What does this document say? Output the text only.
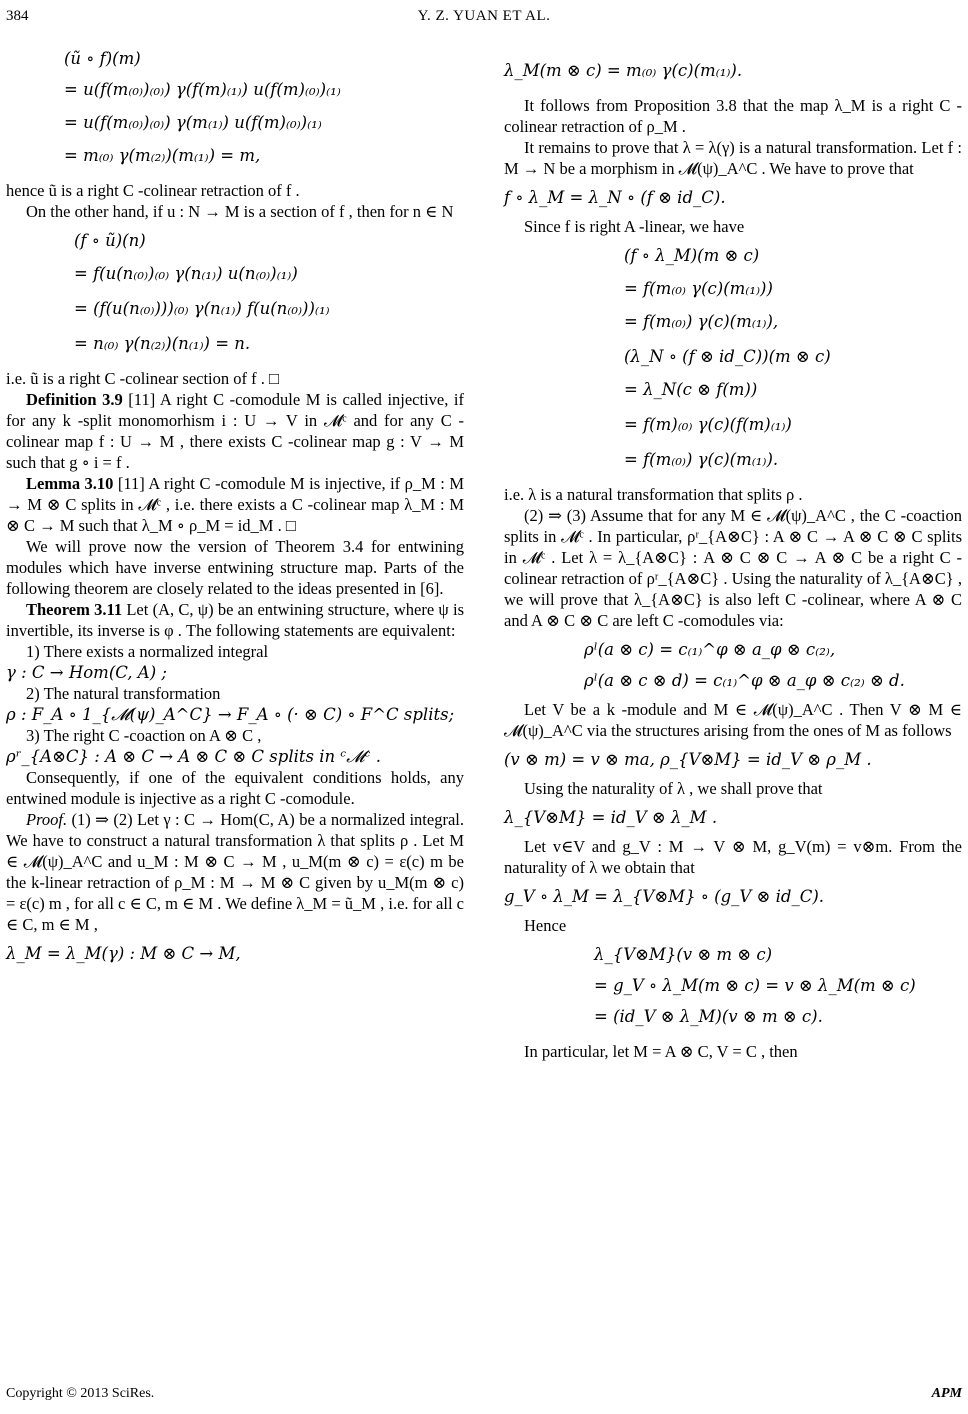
384	Y. Z. YUAN ET AL.

(ũ ∘ f)(m)

= u(f(m₍₀₎)₍₀₎) γ(f(m)₍₁₎) u(f(m)₍₀₎)₍₁₎

= u(f(m₍₀₎)₍₀₎) γ(m₍₁₎) u(f(m)₍₀₎)₍₁₎

= m₍₀₎ γ(m₍₂₎)(m₍₁₎) = m,

hence ũ is a right C -colinear retraction of f .

On the other hand, if u : N → M is a section of f , then for n ∈ N

(f ∘ ũ)(n)

= f(u(n₍₀₎)₍₀₎ γ(n₍₁₎) u(n₍₀₎)₍₁₎)

= (f(u(n₍₀₎)))₍₀₎ γ(n₍₁₎) f(u(n₍₀₎))₍₁₎

= n₍₀₎ γ(n₍₂₎)(n₍₁₎) = n.

i.e. ũ is a right C -colinear section of f . □

Definition 3.9 [11] A right C -comodule M is called injective, if for any k -split monomorhism i : U → V in 𝓜ᶜ and for any C -colinear map f : U → M , there exists C -colinear map g : V → M such that g ∘ i = f .

Lemma 3.10 [11] A right C -comodule M is injective, if ρ_M : M → M ⊗ C splits in 𝓜ᶜ , i.e. there exists a C -colinear map λ_M : M ⊗ C → M such that λ_M ∘ ρ_M = id_M . □

We will prove now the version of Theorem 3.4 for entwining modules which have inverse entwining structure map. Parts of the following theorem are closely related to the ideas presented in [6].

Theorem 3.11 Let (A, C, ψ) be an entwining structure, where ψ is invertible, its inverse is φ . The following statements are equivalent:

1) There exists a normalized integral

γ : C → Hom(C, A) ;

2) The natural transformation

ρ : F_A ∘ 1_{𝓜(ψ)_A^C} → F_A ∘ (· ⊗ C) ∘ F^C splits;

3) The right C -coaction on A ⊗ C ,

ρʳ_{A⊗C} : A ⊗ C → A ⊗ C ⊗ C splits in ᶜ𝓜ᶜ .

Consequently, if one of the equivalent conditions holds, any entwined module is injective as a right C -comodule.

Proof. (1) ⇒ (2) Let γ : C → Hom(C, A) be a normalized integral. We have to construct a natural transformation λ that splits ρ . Let M ∈ 𝓜(ψ)_A^C and u_M : M ⊗ C → M , u_M(m ⊗ c) = ε(c) m be the k-linear retraction of ρ_M : M → M ⊗ C given by u_M(m ⊗ c) = ε(c) m , for all c ∈ C, m ∈ M . We define λ_M = ũ_M , i.e. for all c ∈ C, m ∈ M ,

λ_M = λ_M(γ) : M ⊗ C → M,

λ_M(m ⊗ c) = m₍₀₎ γ(c)(m₍₁₎).

It follows from Proposition 3.8 that the map λ_M is a right C -colinear retraction of ρ_M .

It remains to prove that λ = λ(γ) is a natural transformation. Let f : M → N be a morphism in 𝓜(ψ)_A^C . We have to prove that

f ∘ λ_M = λ_N ∘ (f ⊗ id_C).

Since f is right A -linear, we have

(f ∘ λ_M)(m ⊗ c)

= f(m₍₀₎ γ(c)(m₍₁₎))

= f(m₍₀₎) γ(c)(m₍₁₎),

(λ_N ∘ (f ⊗ id_C))(m ⊗ c)

= λ_N(c ⊗ f(m))

= f(m)₍₀₎ γ(c)(f(m)₍₁₎)

= f(m₍₀₎) γ(c)(m₍₁₎).

i.e. λ is a natural transformation that splits ρ .

(2) ⇒ (3) Assume that for any M ∈ 𝓜(ψ)_A^C , the C -coaction splits in 𝓜ᶜ . In particular, ρʳ_{A⊗C} : A ⊗ C → A ⊗ C ⊗ C splits in 𝓜ᶜ . Let λ = λ_{A⊗C} : A ⊗ C ⊗ C → A ⊗ C be a right C -colinear retraction of ρʳ_{A⊗C} . Using the naturality of λ_{A⊗C} , we will prove that λ_{A⊗C} is also left C -colinear, where A ⊗ C and A ⊗ C ⊗ C are left C -comodules via:

ρˡ(a ⊗ c) = c₍₁₎^φ ⊗ a_φ ⊗ c₍₂₎,

ρˡ(a ⊗ c ⊗ d) = c₍₁₎^φ ⊗ a_φ ⊗ c₍₂₎ ⊗ d.

Let V be a k -module and M ∈ 𝓜(ψ)_A^C . Then V ⊗ M ∈ 𝓜(ψ)_A^C via the structures arising from the ones of M as follows

(v ⊗ m) = v ⊗ ma, ρ_{V⊗M} = id_V ⊗ ρ_M .

Using the naturality of λ , we shall prove that

λ_{V⊗M} = id_V ⊗ λ_M .

Let v∈V and g_V : M → V ⊗ M, g_V(m) = v⊗m. From the naturality of λ we obtain that

g_V ∘ λ_M = λ_{V⊗M} ∘ (g_V ⊗ id_C).

Hence

λ_{V⊗M}(v ⊗ m ⊗ c)

= g_V ∘ λ_M(m ⊗ c) = v ⊗ λ_M(m ⊗ c)

= (id_V ⊗ λ_M)(v ⊗ m ⊗ c).

In particular, let M = A ⊗ C, V = C , then

Copyright © 2013 SciRes.	APM
